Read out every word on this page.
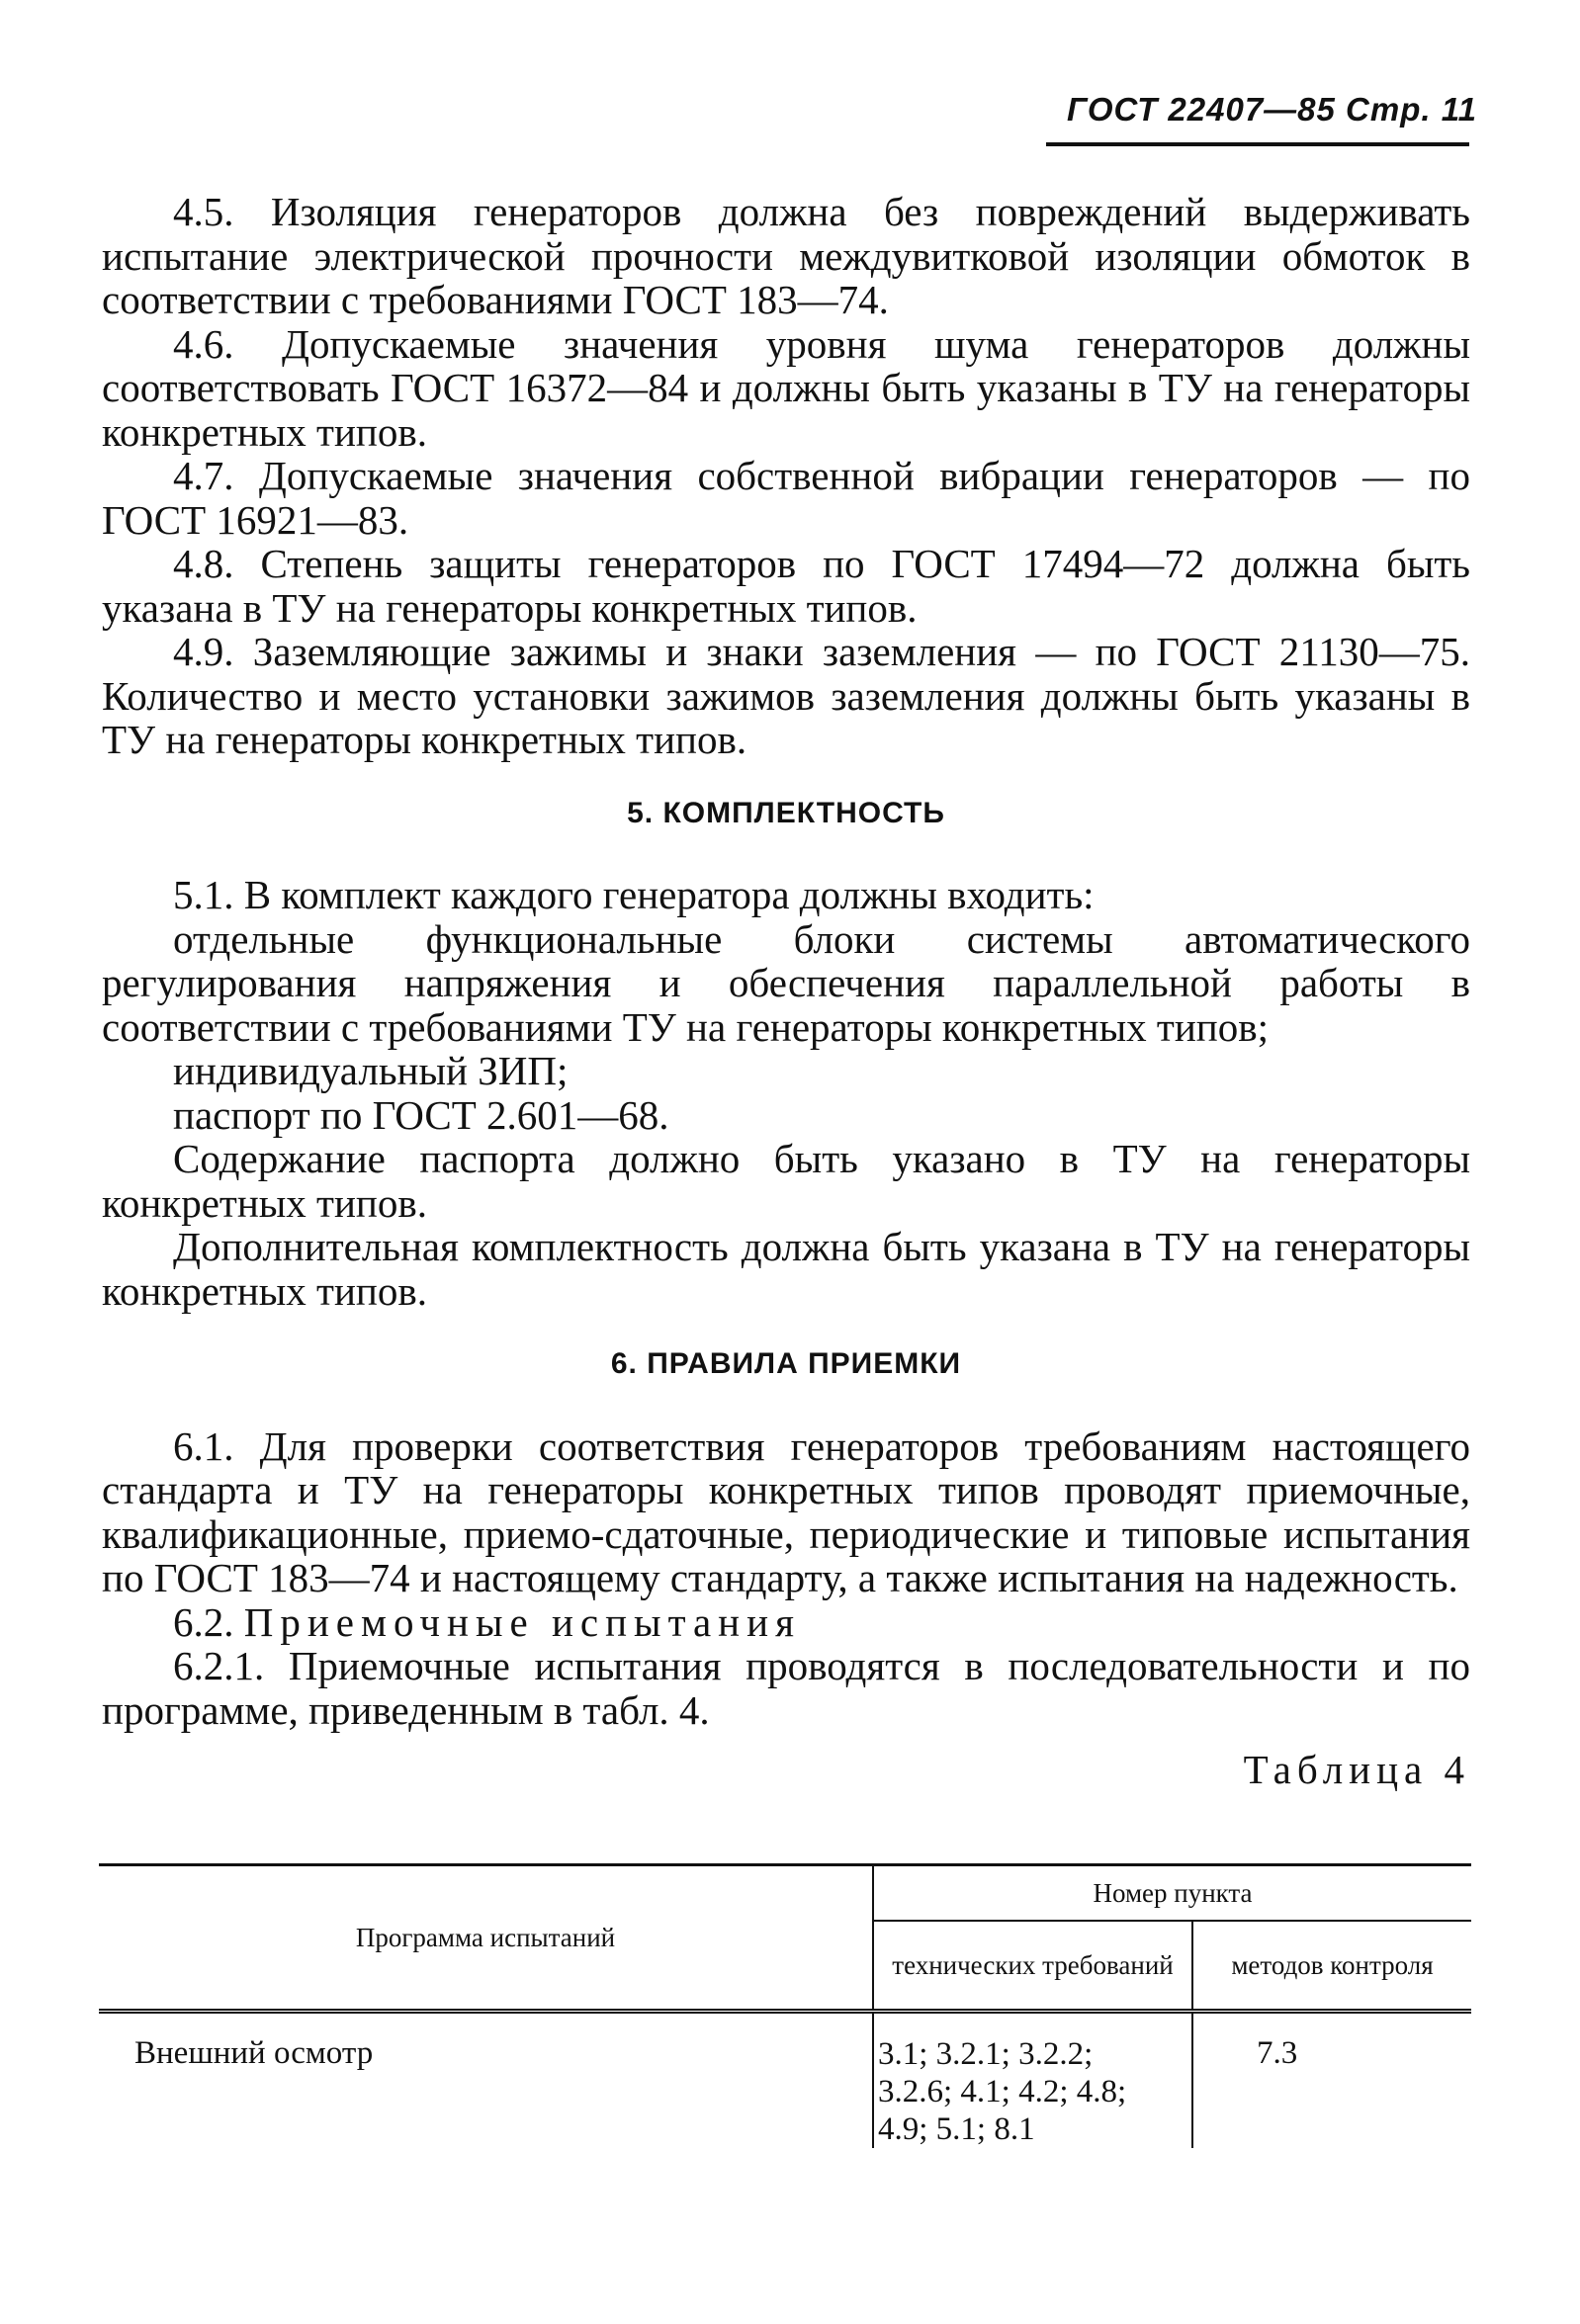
ГОСТ 22407—85 Стр. 11

4.5. Изоляция генераторов должна без повреждений выдерживать испытание электрической прочности междувитковой изоляции обмоток в соответствии с требованиями ГОСТ 183—74.

4.6. Допускаемые значения уровня шума генераторов должны соответствовать ГОСТ 16372—84 и должны быть указаны в ТУ на генераторы конкретных типов.

4.7. Допускаемые значения собственной вибрации генераторов — по ГОСТ 16921—83.

4.8. Степень защиты генераторов по ГОСТ 17494—72 должна быть указана в ТУ на генераторы конкретных типов.

4.9. Заземляющие зажимы и знаки заземления — по ГОСТ 21130—75. Количество и место установки зажимов заземления должны быть указаны в ТУ на генераторы конкретных типов.

5. КОМПЛЕКТНОСТЬ

5.1. В комплект каждого генератора должны входить:

отдельные функциональные блоки системы автоматического регулирования напряжения и обеспечения параллельной работы в соответствии с требованиями ТУ на генераторы конкретных типов;

индивидуальный ЗИП;

паспорт по ГОСТ 2.601—68.

Содержание паспорта должно быть указано в ТУ на генераторы конкретных типов.

Дополнительная комплектность должна быть указана в ТУ на генераторы конкретных типов.

6. ПРАВИЛА ПРИЕМКИ

6.1. Для проверки соответствия генераторов требованиям настоящего стандарта и ТУ на генераторы конкретных типов проводят приемочные, квалификационные, приемо-сдаточные, периодические и типовые испытания по ГОСТ 183—74 и настоящему стандарту, а также испытания на надежность.

6.2. Приемочные испытания

6.2.1. Приемочные испытания проводятся в последовательности и по программе, приведенным в табл. 4.

Таблица 4

Программа испытаний	Номер пункта	
	технических требований	методов контроля
Внешний осмотр	3.1; 3.2.1; 3.2.2; 3.2.6; 4.1; 4.2; 4.8; 4.9; 5.1; 8.1	7.3
